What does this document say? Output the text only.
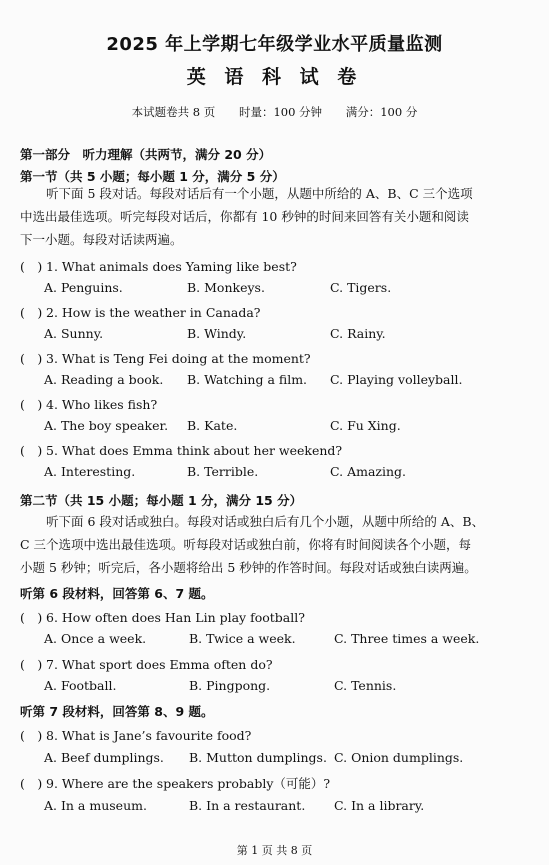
2025 年上学期七年级学业水平质量监测
英 语 科 试 卷
本试题卷共 8 页 时量：100 分钟 满分：100 分
第一部分　听力理解（共两节，满分 20 分）
第一节（共 5 小题；每小题 1 分，满分 5 分）
听下面 5 段对话。每段对话后有一个小题，从题中所给的 A、B、C 三个选项
中选出最佳选项。听完每段对话后，你都有 10 秒钟的时间来回答有关小题和阅读
下一小题。每段对话读两遍。
(　) 1. What animals does Yaming like best?
A. Penguins.	B. Monkeys.	C. Tigers.
(　) 2. How is the weather in Canada?
A. Sunny.	B. Windy.	C. Rainy.
(　) 3. What is Teng Fei doing at the moment?
A. Reading a book. B. Watching a film. C. Playing volleyball.
(　) 4. Who likes fish?
A. The boy speaker. B. Kate.	C. Fu Xing.
(　) 5. What does Emma think about her weekend?
A. Interesting.	B. Terrible.	C. Amazing.
第二节（共 15 小题；每小题 1 分，满分 15 分）
听下面 6 段对话或独白。每段对话或独白后有几个小题，从题中所给的 A、B、
C 三个选项中选出最佳选项。听每段对话或独白前，你将有时间阅读各个小题，每
小题 5 秒钟；听完后，各小题将给出 5 秒钟的作答时间。每段对话或独白读两遍。
听第 6 段材料，回答第 6、7 题。
(　) 6. How often does Han Lin play football?
A. Once a week.	B. Twice a week.	C. Three times a week.
(　) 7. What sport does Emma often do?
A. Football.	B. Pingpong.	C. Tennis.
听第 7 段材料，回答第 8、9 题。
(　) 8. What is Jane’s favourite food?
A. Beef dumplings. B. Mutton dumplings. C. Onion dumplings.
(　) 9. Where are the speakers probably（可能）?
A. In a museum.	B. In a restaurant. C. In a library.
第 1 页 共 8 页
